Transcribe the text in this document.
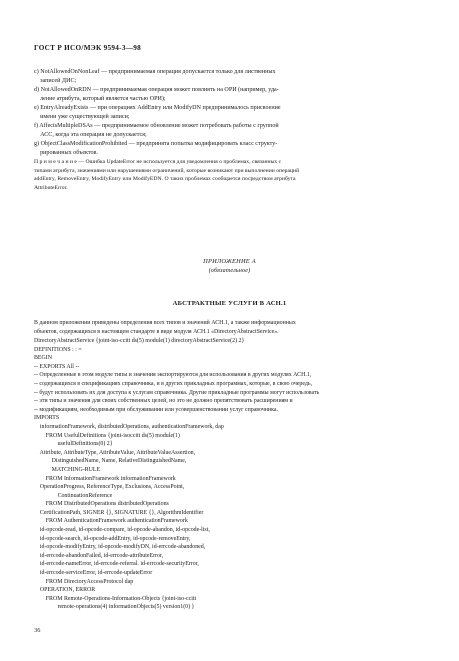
ГОСТ Р ИСО/МЭК 9594-3—98
c) NotAllowedOnNonLeaf — предпринимаемая операция допускается только для лиственных
записей ДИС;
d) NotAllowedOnRDN — предпринимаемая операция может повлиять на ОРИ (например, уда-
ление атрибута, который является частью ОРИ);
e) EntryAlreadyExists — при операциях AddEntry или ModifyDN предпринималось присвоение
имени уже существующей записи;
f) AffectsMultipleDSAs — предпринимаемое обновление может потребовать работы с группой
АСС, когда эта операция не допускается;
g) ObjectClassModificationProhibited — предпринята попытка модифицировать класс структу-
рированных объектов.
П р и м е ч а н и е — Ошибка UpdateError не используется для уведомления о проблемах, связанных с
типами атрибута, значениями или нарушениями ограничений, которые возникают при выполнении операций
addEntry, RemoveEntry, ModifyEntry или ModifyEDN. О таких проблемах сообщается посредством атрибута
AttributeError.
ПРИЛОЖЕНИЕ А
(обязательное)
АБСТРАКТНЫЕ УСЛУГИ В АСН.1
В данном приложении приведены определения всех типов и значений АСН.1, а также информационных
объектов, содержащихся в настоящем стандарте в виде модуля АСН.1 «DirectoryAbstractService».
DirectoryAbstractService {joint-iso-ccitt ds(5) module(1) directoryAbstractService(2) 2}
DEFINITIONS : : =
BEGIN
-- EXPORTS All --
-- Определенные в этом модуле типы и значения экспортируются для использования в других модулях АСН.1,
-- содержащихся в спецификациях справочника, и в других прикладных программах, которые, в свою очередь,
-- будут использовать их для доступа к услугам справочника. Другие прикладные программы могут использовать
-- эти типы и значения для своих собственных целей, но это не должно препятствовать расширениям и
-- модификациям, необходимым при обслуживании или усовершенствовании услуг справочника.
IMPORTS
informationFramework, distributedOperations, authenticationFramework, dap
FROM UsefulDefinitions {joint-isoccitt ds(5) module(1)
usefulDefinitions(0) 2}
Attribute, AttributeType, AttributeValue, AttributeValueAssertion,
DistinguishedName, Name, RelativeDistinguishedName,
MATCHING-RULE
FROM InformationFramework informationFramework
OperationProgress, ReferenceType, Exclusions, AccessPoint,
ContinuationReference
FROM DistributedOperations distributedOperations
CertificationPath, SIGNER {}, SIGNATURE {}, AlgorithmIdentifier
FROM AuthenticationFramework authenticationFramework
id-opcode-read, id-opcode-compare, id-opcode-abandon, id-opcode-list,
id-opcode-search, id-opcode-addEntry, id-opcode-removeEntry,
id-opcode-modifyEntry, id-opcode-modifyDN, id-errcode-abandoned,
id-errcode-abandonFailed, id-errcode-attributeError,
id-errcode-nameError, id-errcode-referral. id-errcode-securityError,
id-errcode-serviceError, id-errcode-updateError
FROM DirectoryAccessProtocol dap
OPERATION, ERROR
FROM Remote-Operations-Information-Objects {joint-iso-ccitt
remote-operations(4) informationObjects(5) version1(0) }
36
